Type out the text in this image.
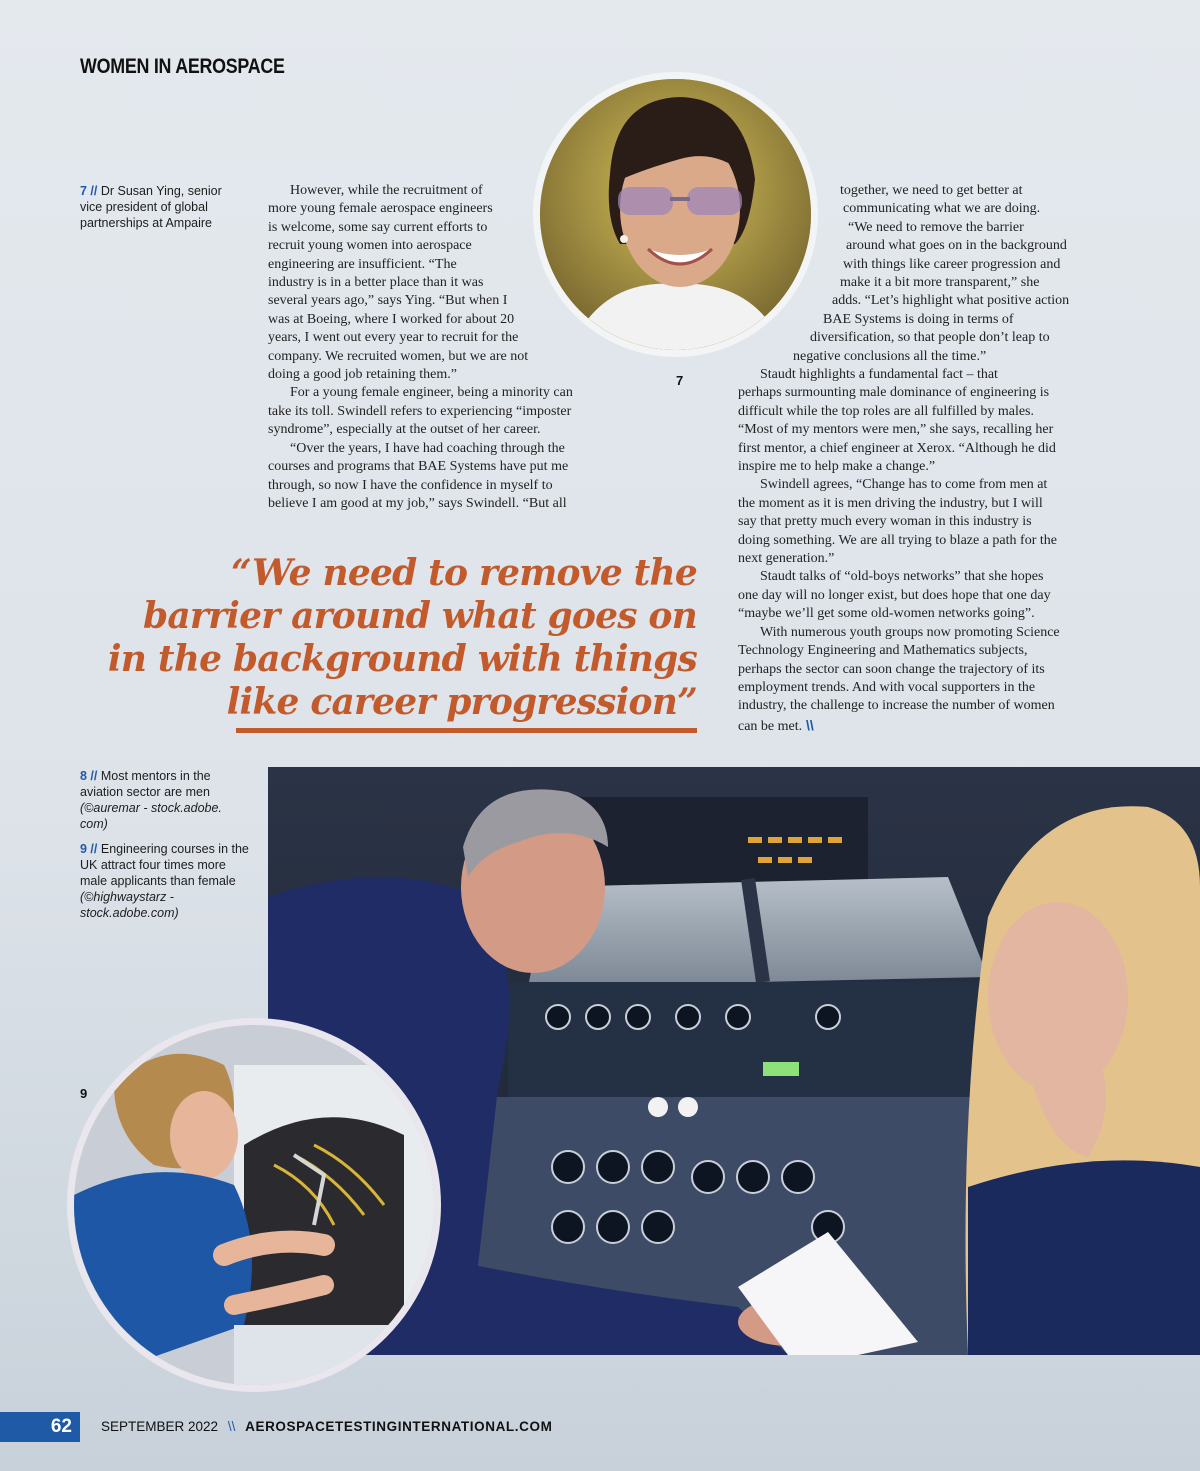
WOMEN IN AEROSPACE
7 // Dr Susan Ying, senior vice president of global partnerships at Ampaire
However, while the recruitment of
more young female aerospace engineers
is welcome, some say current efforts to
recruit young women into aerospace
engineering are insufficient. “The
industry is in a better place than it was
several years ago,” says Ying. “But when I
was at Boeing, where I worked for about 20
years, I went out every year to recruit for the
company. We recruited women, but we are not
doing a good job retaining them.”
For a young female engineer, being a minority can
take its toll. Swindell refers to experiencing “imposter
syndrome”, especially at the outset of her career.
“Over the years, I have had coaching through the
courses and programs that BAE Systems have put me
through, so now I have the confidence in myself to
believe I am good at my job,” says Swindell. “But all
7
together, we need to get better at
communicating what we are doing.
“We need to remove the barrier
around what goes on in the background
with things like career progression and
make it a bit more transparent,” she
adds. “Let’s highlight what positive action
BAE Systems is doing in terms of
diversification, so that people don’t leap to
negative conclusions all the time.”
Staudt highlights a fundamental fact – that
perhaps surmounting male dominance of engineering is
difficult while the top roles are all fulfilled by males.
“Most of my mentors were men,” she says, recalling her
first mentor, a chief engineer at Xerox. “Although he did
inspire me to help make a change.”
Swindell agrees, “Change has to come from men at
the moment as it is men driving the industry, but I will
say that pretty much every woman in this industry is
doing something. We are all trying to blaze a path for the
next generation.”
Staudt talks of “old-boys networks” that she hopes
one day will no longer exist, but does hope that one day
“maybe we’ll get some old-women networks going”.
With numerous youth groups now promoting Science
Technology Engineering and Mathematics subjects,
perhaps the sector can soon change the trajectory of its
employment trends. And with vocal supporters in the
industry, the challenge to increase the number of women
can be met. \\
“We need to remove the
barrier around what goes on
in the background with things
like career progression”
8 // Most mentors in the aviation sector are men (©auremar - stock.adobe. com)
9 // Engineering courses in the UK attract four times more male applicants than female (©highwaystarz - stock.adobe.com)
9
62	SEPTEMBER 2022 \\ AEROSPACETESTINGINTERNATIONAL.COM
